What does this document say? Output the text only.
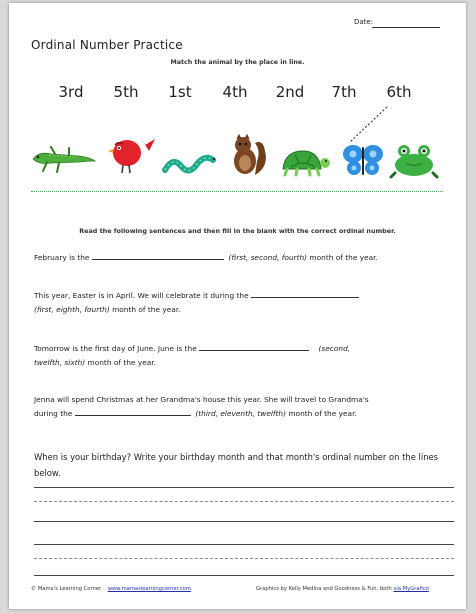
Date:
Ordinal Number Practice
Match the animal by the place in line.
3rd	5th	1st	4th	2nd	7th	6th
Read the following sentences and then fill in the blank with the correct ordinal number.
February is the	(first, second, fourth) month of the year.
This year, Easter is in April. We will celebrate it during the
(first, eighth, fourth) month of the year.
Tomorrow is the first day of June. June is the	(second,
twelfth, sixth) month of the year.
Jenna will spend Christmas at her Grandma's house this year. She will travel to Grandma's
during the	(third, eleventh, twelfth) month of the year.
When is your birthday? Write your birthday month and that month's ordinal number on the lines below.
© Mama's Learning Corner www.mamaslearningcorner.com	Graphics by Kelly Medina and Goodness & Fun, both via MyGrafico
